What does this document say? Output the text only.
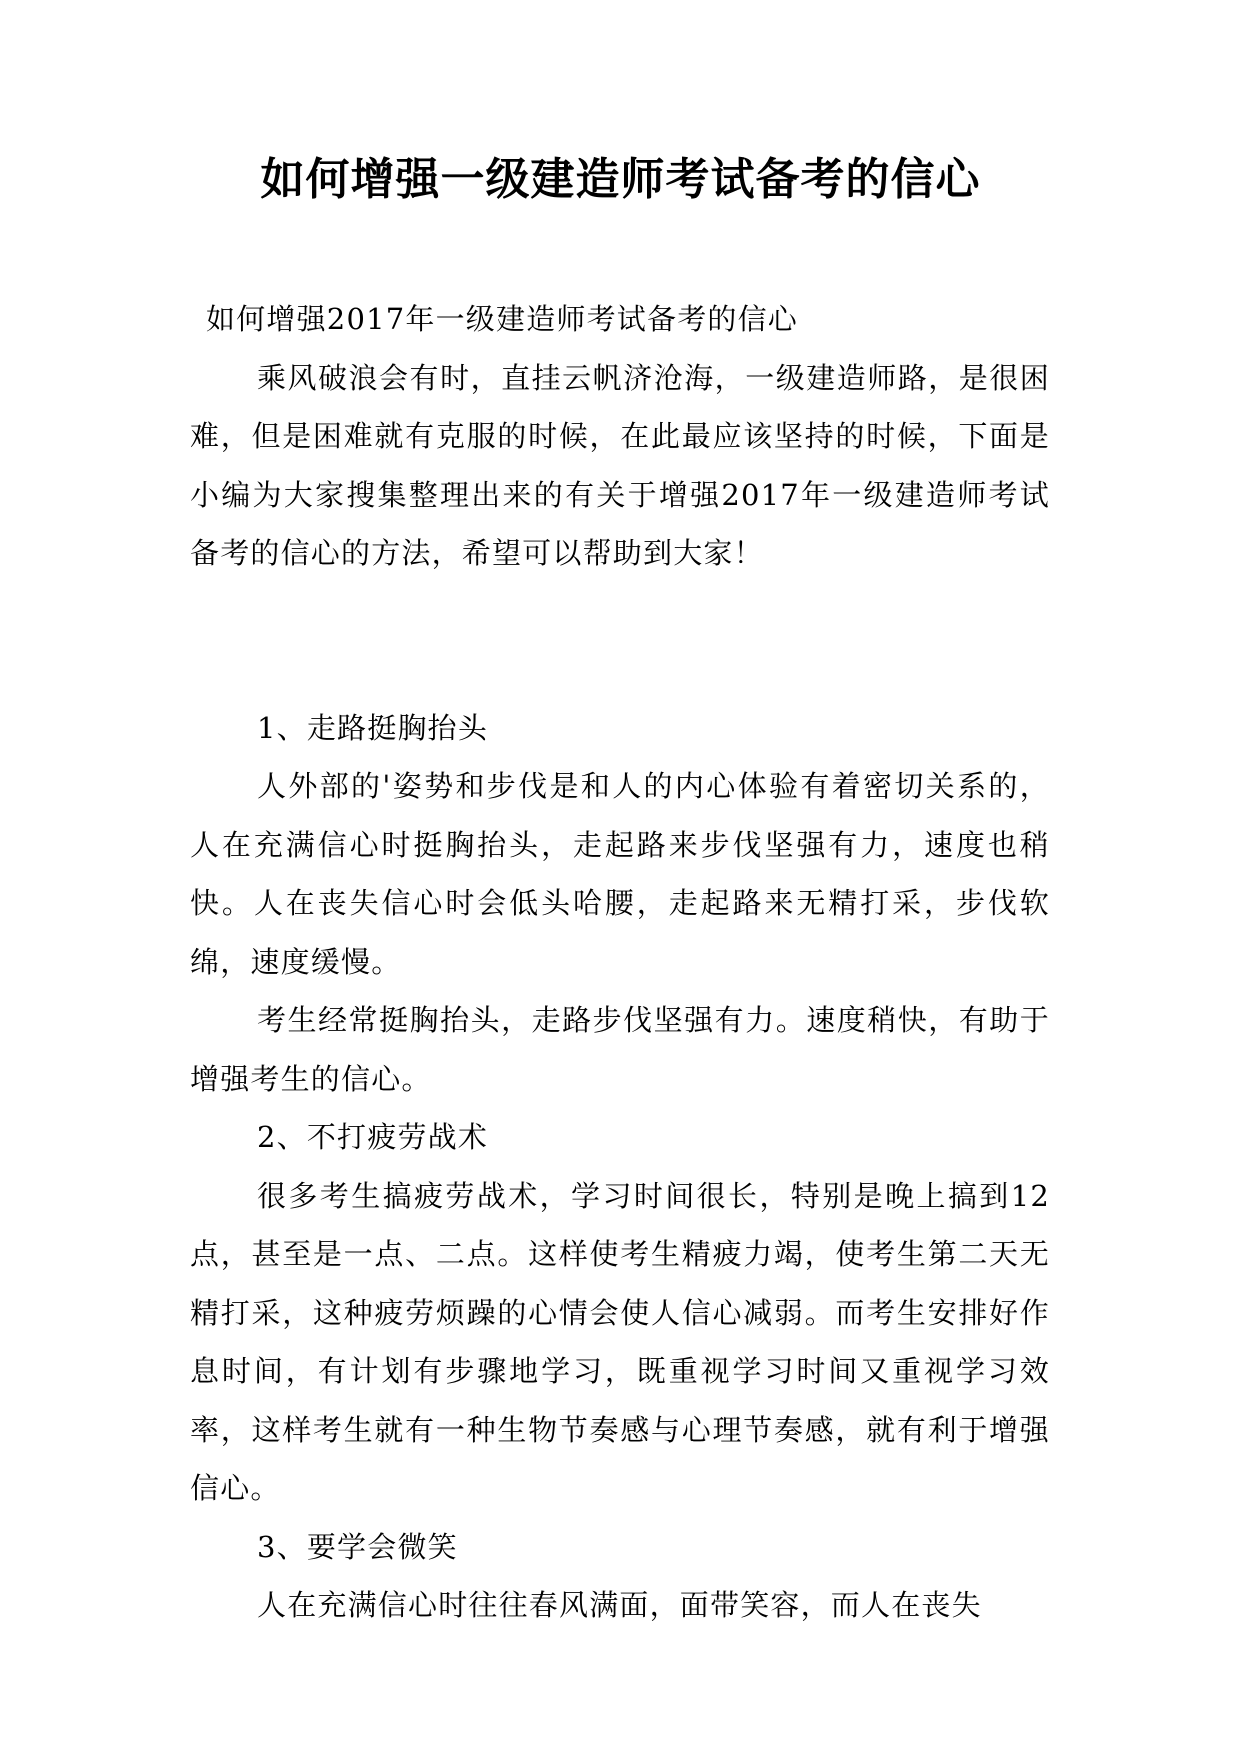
如何增强一级建造师考试备考的信心

如何增强2017年一级建造师考试备考的信心

乘风破浪会有时，直挂云帆济沧海，一级建造师路，是很困难，但是困难就有克服的时候，在此最应该坚持的时候，下面是小编为大家搜集整理出来的有关于增强2017年一级建造师考试备考的信心的方法，希望可以帮助到大家！

1、走路挺胸抬头

人外部的'姿势和步伐是和人的内心体验有着密切关系的，人在充满信心时挺胸抬头，走起路来步伐坚强有力，速度也稍快。人在丧失信心时会低头哈腰，走起路来无精打采，步伐软绵，速度缓慢。

考生经常挺胸抬头，走路步伐坚强有力。速度稍快，有助于增强考生的信心。

2、不打疲劳战术

很多考生搞疲劳战术，学习时间很长，特别是晚上搞到12点，甚至是一点、二点。这样使考生精疲力竭，使考生第二天无精打采，这种疲劳烦躁的心情会使人信心减弱。而考生安排好作息时间，有计划有步骤地学习，既重视学习时间又重视学习效率，这样考生就有一种生物节奏感与心理节奏感，就有利于增强信心。

3、要学会微笑

人在充满信心时往往春风满面，面带笑容，而人在丧失
